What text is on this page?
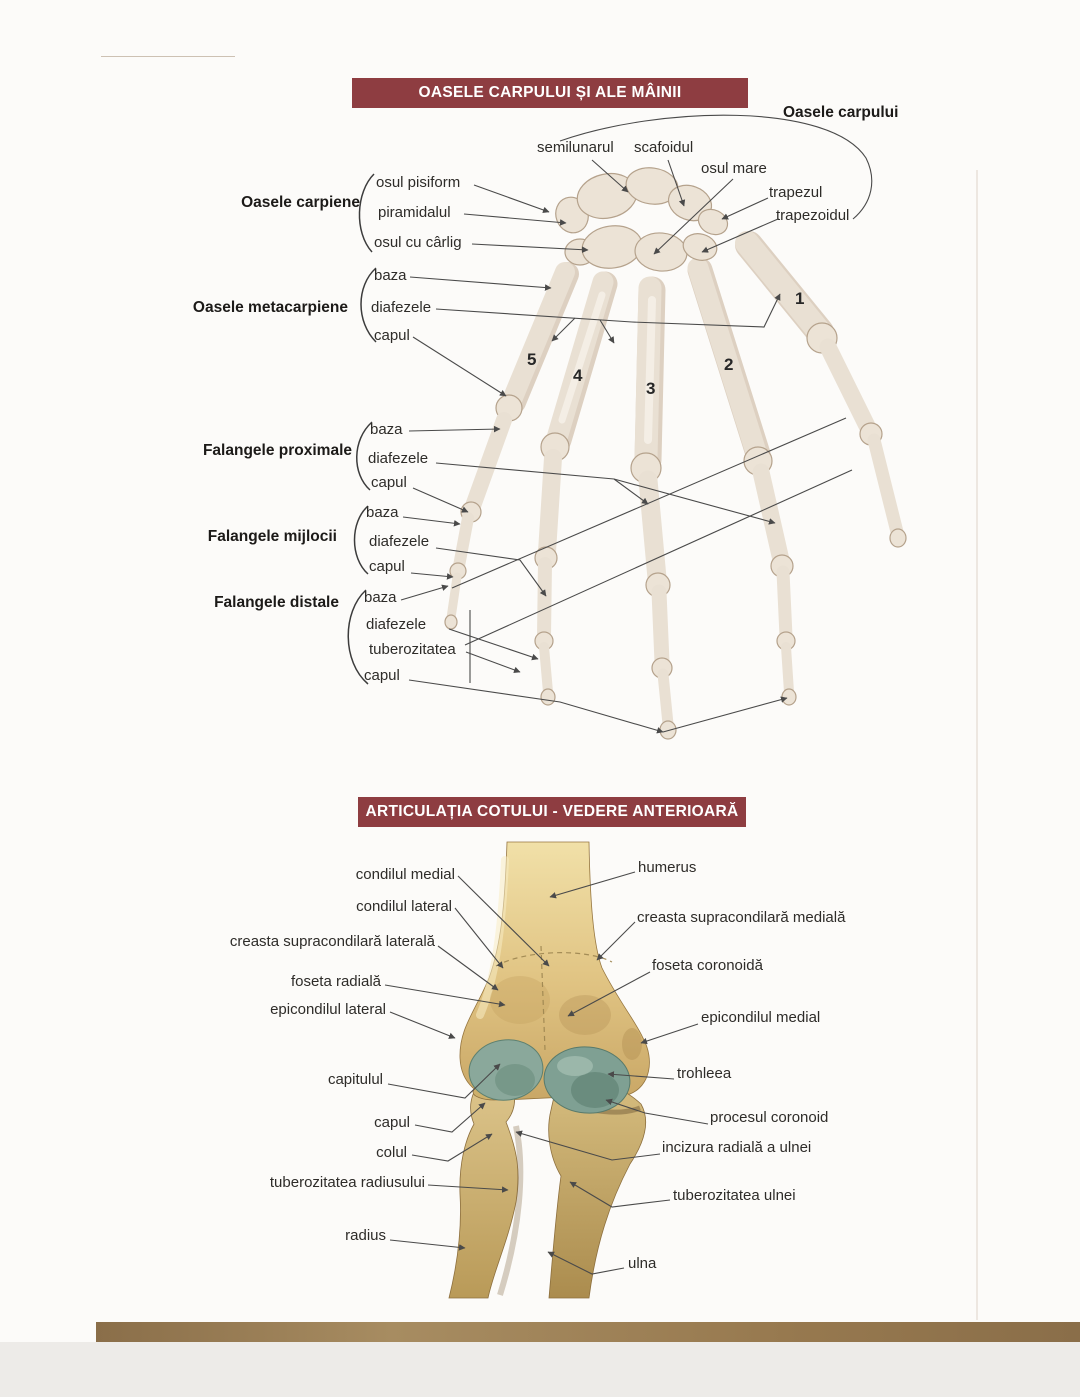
OASELE CARPULUI ȘI ALE MÂINII
ARTICULAȚIA COTULUI - VEDERE ANTERIOARĂ
Oasele carpului
semilunarul scafoidul
osul mare
trapezul
trapezoidul
Oasele carpiene
osul pisiform
piramidalul
osul cu cârlig
Oasele metacarpiene
baza
diafezele
capul
5
4
3
2
1
Falangele proximale
baza
diafezele
capul
Falangele mijlocii
baza
diafezele
capul
Falangele distale baza
diafezele
tuberozitatea
capul
condilul medial
condilul lateral
creasta supracondilară laterală
foseta radială
epicondilul lateral
capitulul
capul
colul
tuberozitatea radiusului
radius
humerus
creasta supracondilară medială
foseta coronoidă
epicondilul medial
trohleea
procesul coronoid
incizura radială a ulnei
tuberozitatea ulnei
ulna
